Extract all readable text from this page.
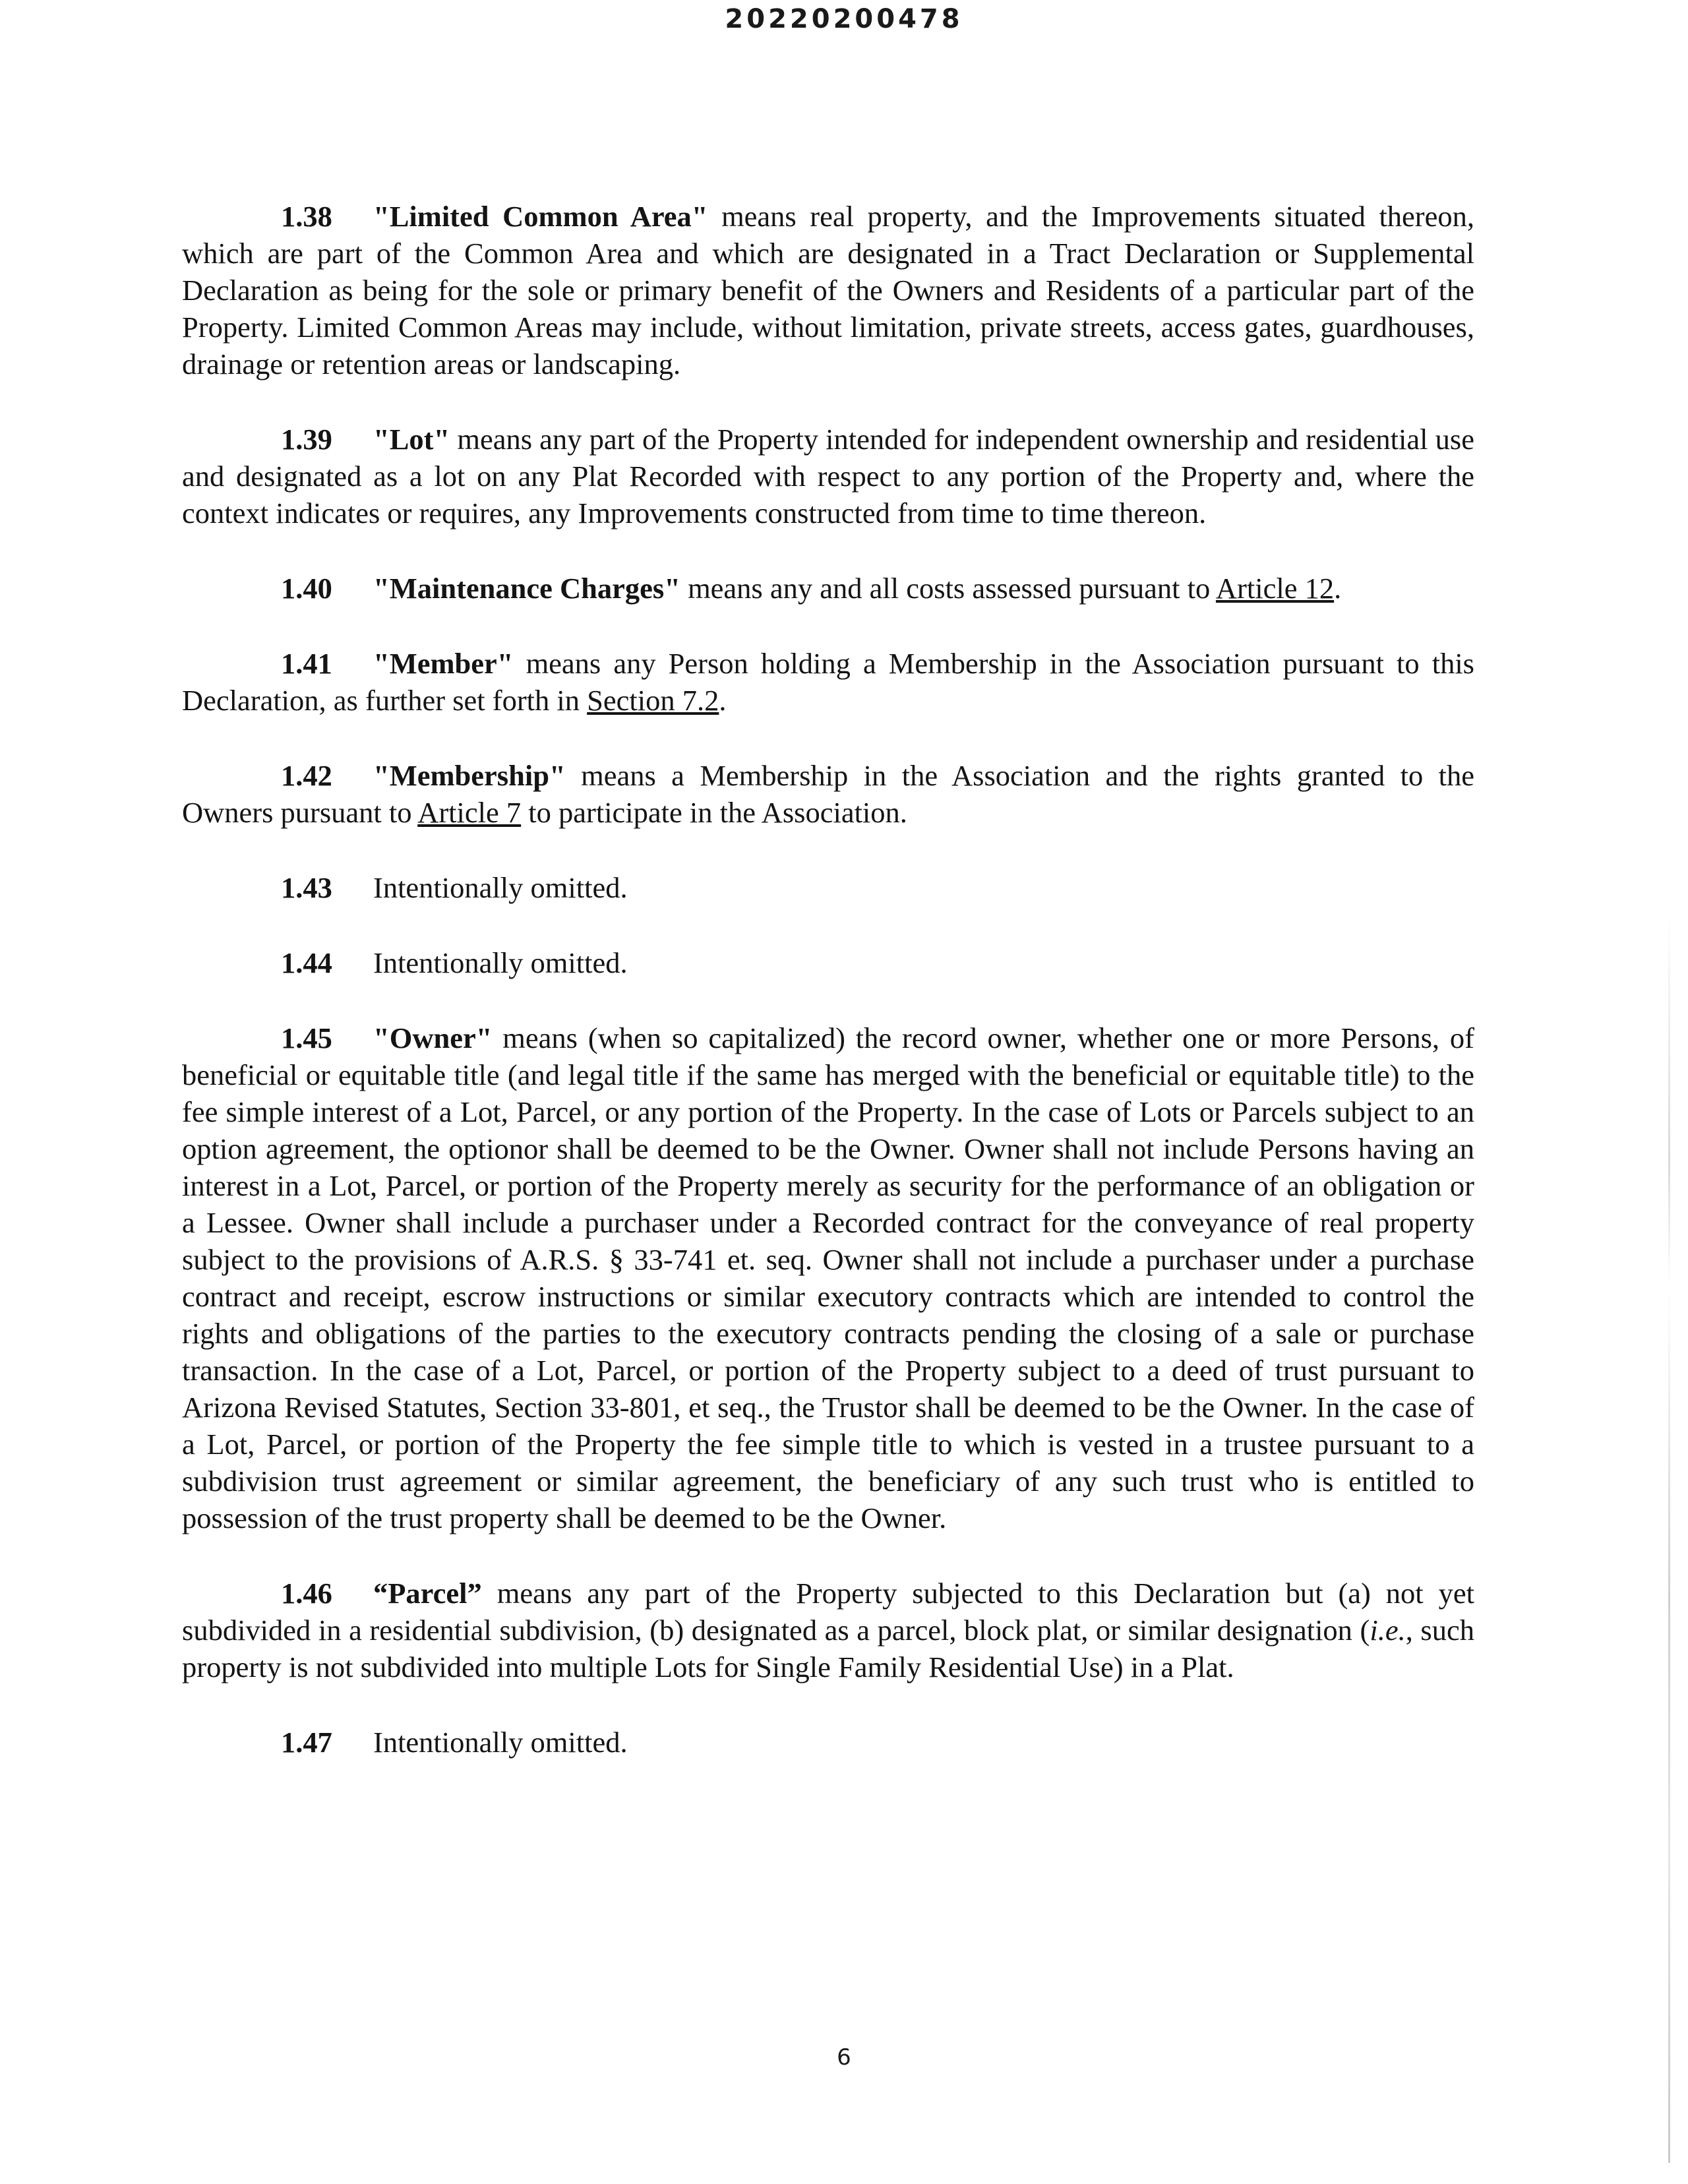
20220200478

1.38 "Limited Common Area" means real property, and the Improvements situated thereon, which are part of the Common Area and which are designated in a Tract Declaration or Supplemental Declaration as being for the sole or primary benefit of the Owners and Residents of a particular part of the Property. Limited Common Areas may include, without limitation, private streets, access gates, guardhouses, drainage or retention areas or landscaping.

1.39 "Lot" means any part of the Property intended for independent ownership and residential use and designated as a lot on any Plat Recorded with respect to any portion of the Property and, where the context indicates or requires, any Improvements constructed from time to time thereon.

1.40 "Maintenance Charges" means any and all costs assessed pursuant to Article 12.

1.41 "Member" means any Person holding a Membership in the Association pursuant to this Declaration, as further set forth in Section 7.2.

1.42 "Membership" means a Membership in the Association and the rights granted to the Owners pursuant to Article 7 to participate in the Association.

1.43 Intentionally omitted.

1.44 Intentionally omitted.

1.45 "Owner" means (when so capitalized) the record owner, whether one or more Persons, of beneficial or equitable title (and legal title if the same has merged with the beneficial or equitable title) to the fee simple interest of a Lot, Parcel, or any portion of the Property. In the case of Lots or Parcels subject to an option agreement, the optionor shall be deemed to be the Owner. Owner shall not include Persons having an interest in a Lot, Parcel, or portion of the Property merely as security for the performance of an obligation or a Lessee. Owner shall include a purchaser under a Recorded contract for the conveyance of real property subject to the provisions of A.R.S. § 33-741 et. seq. Owner shall not include a purchaser under a purchase contract and receipt, escrow instructions or similar executory contracts which are intended to control the rights and obligations of the parties to the executory contracts pending the closing of a sale or purchase transaction. In the case of a Lot, Parcel, or portion of the Property subject to a deed of trust pursuant to Arizona Revised Statutes, Section 33-801, et seq., the Trustor shall be deemed to be the Owner. In the case of a Lot, Parcel, or portion of the Property the fee simple title to which is vested in a trustee pursuant to a subdivision trust agreement or similar agreement, the beneficiary of any such trust who is entitled to possession of the trust property shall be deemed to be the Owner.

1.46 “Parcel” means any part of the Property subjected to this Declaration but (a) not yet subdivided in a residential subdivision, (b) designated as a parcel, block plat, or similar designation (i.e., such property is not subdivided into multiple Lots for Single Family Residential Use) in a Plat.

1.47 Intentionally omitted.

6
